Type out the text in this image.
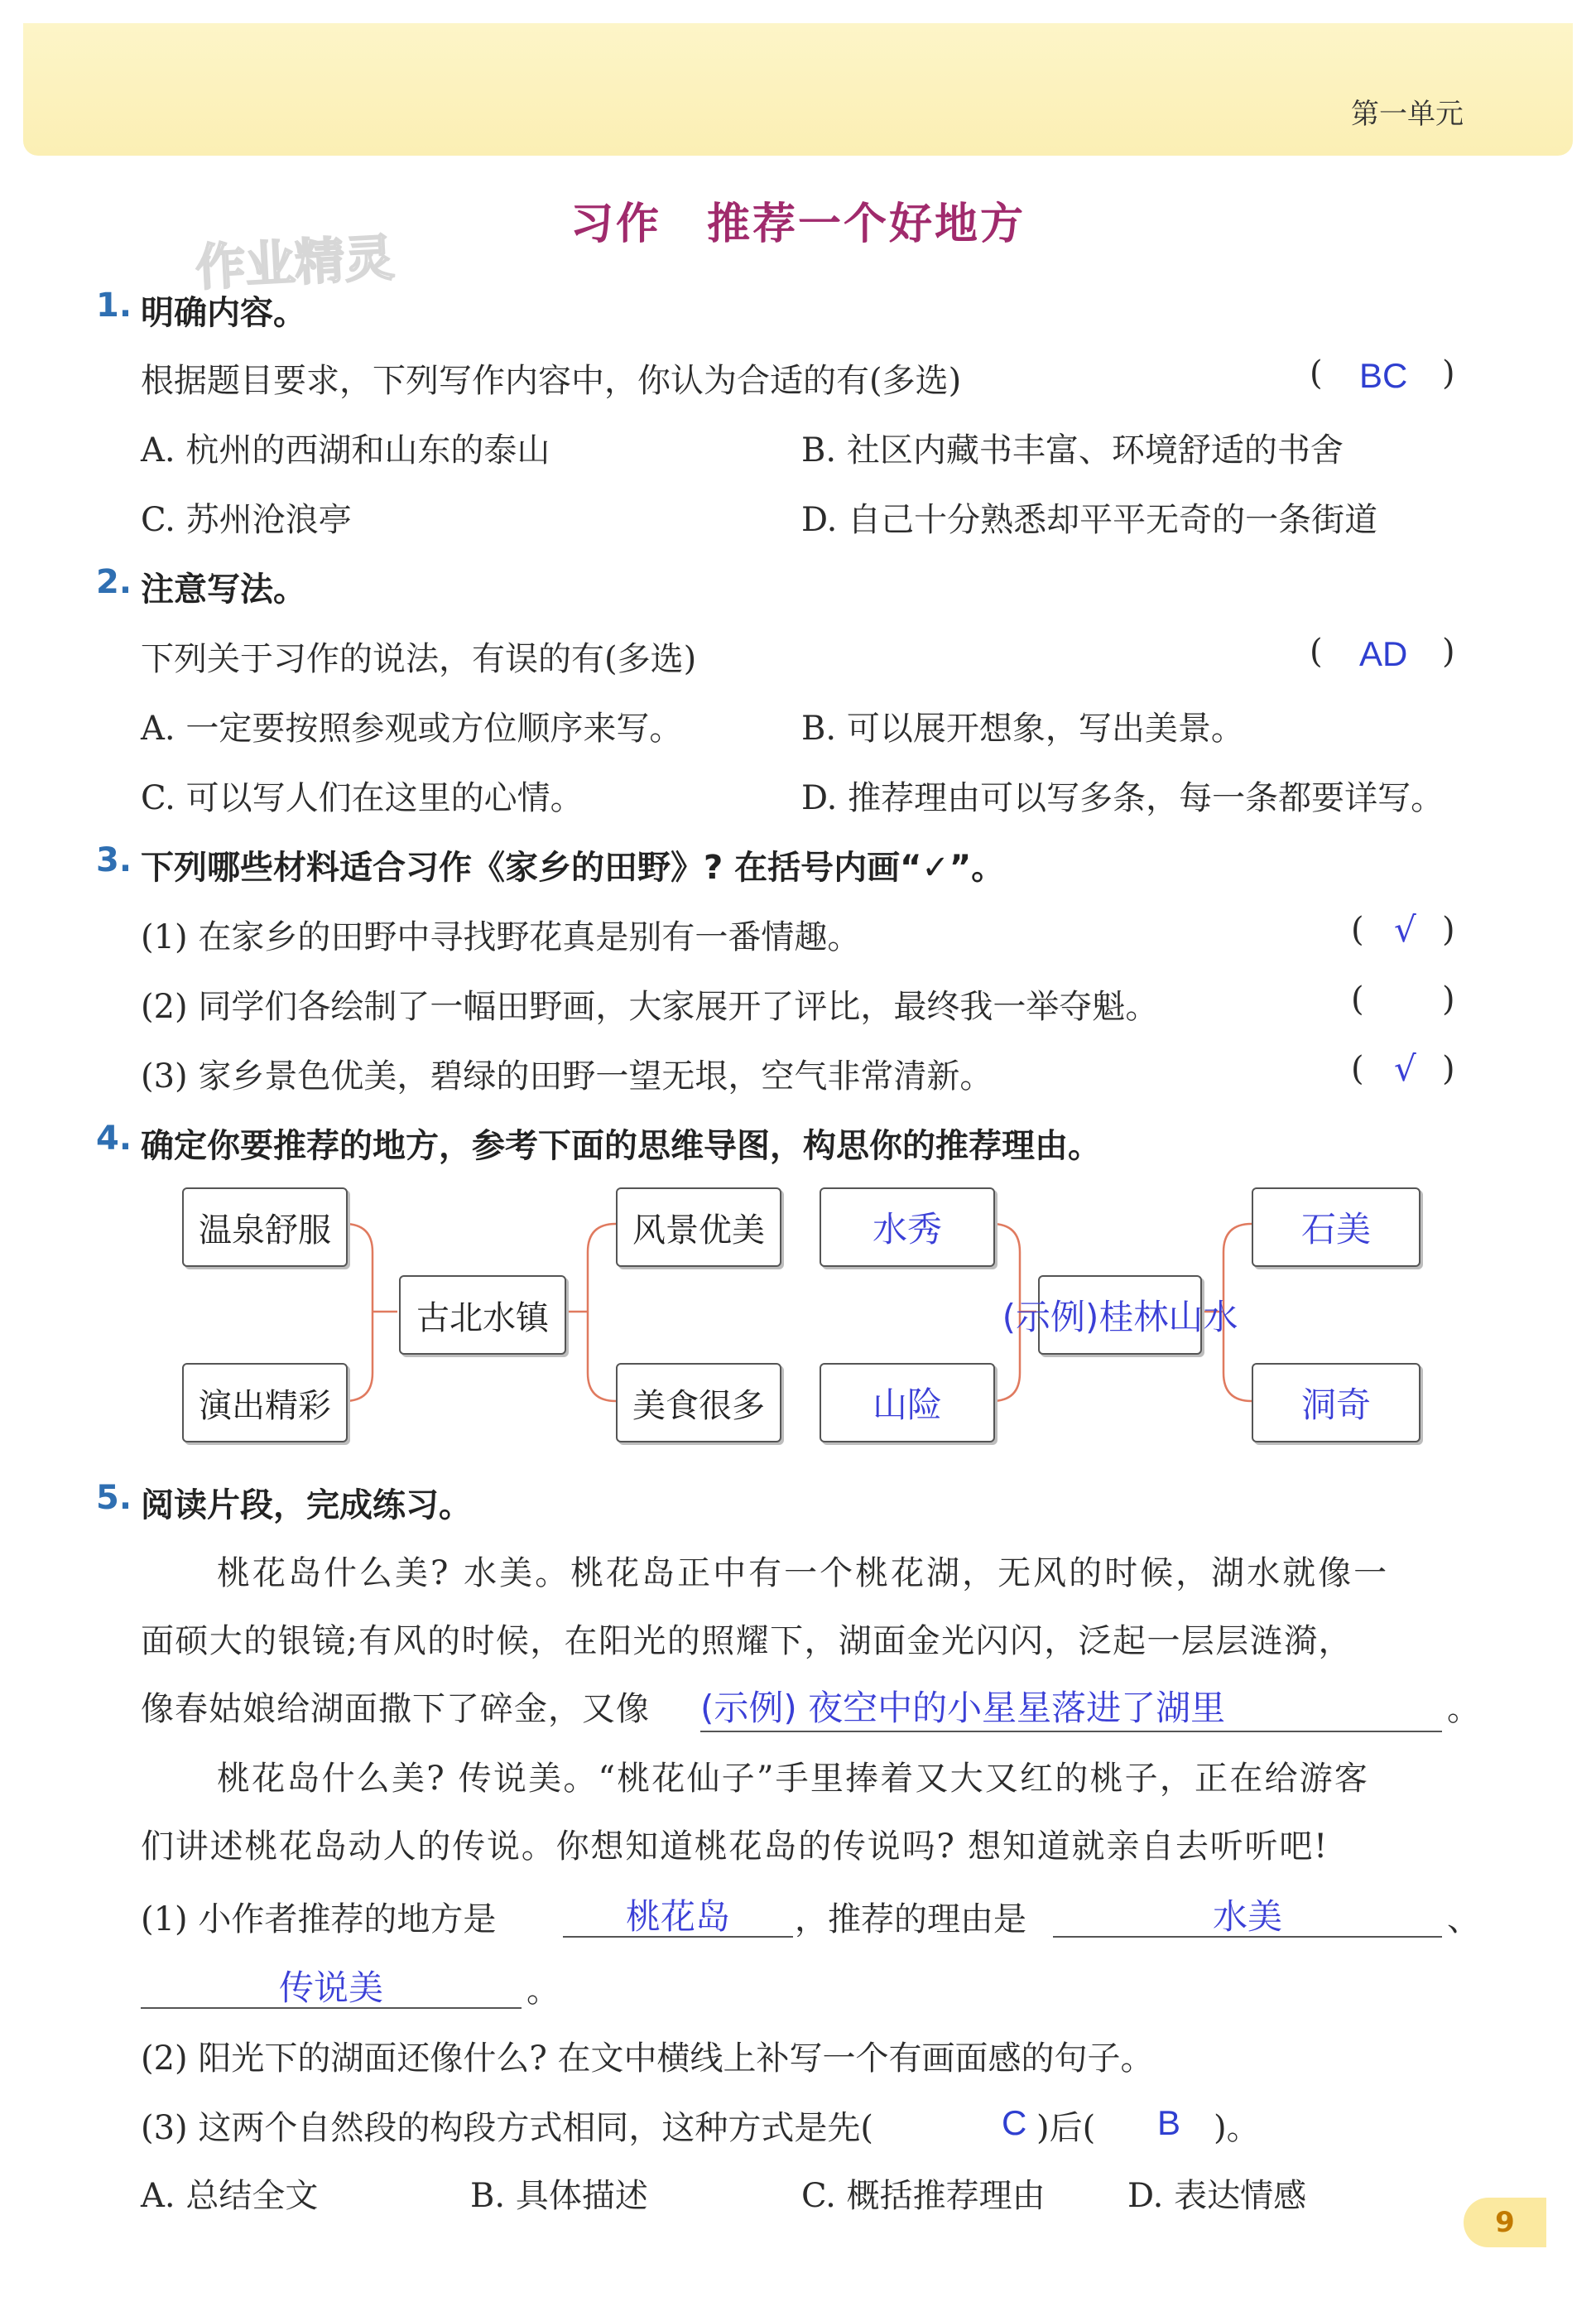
第一单元
习作　推荐一个好地方
作业精灵
1. 明确内容。
根据题目要求，下列写作内容中，你认为合适的有(多选)	( BC )
A. 杭州的西湖和山东的泰山	B. 社区内藏书丰富、环境舒适的书舍
C. 苏州沧浪亭	D. 自己十分熟悉却平平无奇的一条街道
2. 注意写法。
下列关于习作的说法，有误的有(多选)	( AD )
A. 一定要按照参观或方位顺序来写。	B. 可以展开想象，写出美景。
C. 可以写人们在这里的心情。	D. 推荐理由可以写多条，每一条都要详写。
3. 下列哪些材料适合习作《家乡的田野》? 在括号内画“✓”。
(1) 在家乡的田野中寻找野花真是别有一番情趣。	( √ )
(2) 同学们各绘制了一幅田野画，大家展开了评比，最终我一举夺魁。	( )
(3) 家乡景色优美，碧绿的田野一望无垠，空气非常清新。	( √ )
4. 确定你要推荐的地方，参考下面的思维导图，构思你的推荐理由。
温泉舒服
演出精彩
古北水镇
风景优美
美食很多
水秀
山险
(示例)桂林山水
石美
洞奇
5. 阅读片段，完成练习。
桃花岛什么美? 水美。桃花岛正中有一个桃花湖，无风的时候，湖水就像一
面硕大的银镜;有风的时候，在阳光的照耀下，湖面金光闪闪，泛起一层层涟漪，
像春姑娘给湖面撒下了碎金，又像 (示例) 夜空中的小星星落进了湖里	。
桃花岛什么美? 传说美。“桃花仙子”手里捧着又大又红的桃子，正在给游客
们讲述桃花岛动人的传说。你想知道桃花岛的传说吗? 想知道就亲自去听听吧!
(1) 小作者推荐的地方是	桃花岛	，推荐的理由是	水美	、
传说美	。
(2) 阳光下的湖面还像什么? 在文中横线上补写一个有画面感的句子。
(3) 这两个自然段的构段方式相同，这种方式是先(	C )后( B )。
A. 总结全文	B. 具体描述	C. 概括推荐理由 D. 表达情感
9
